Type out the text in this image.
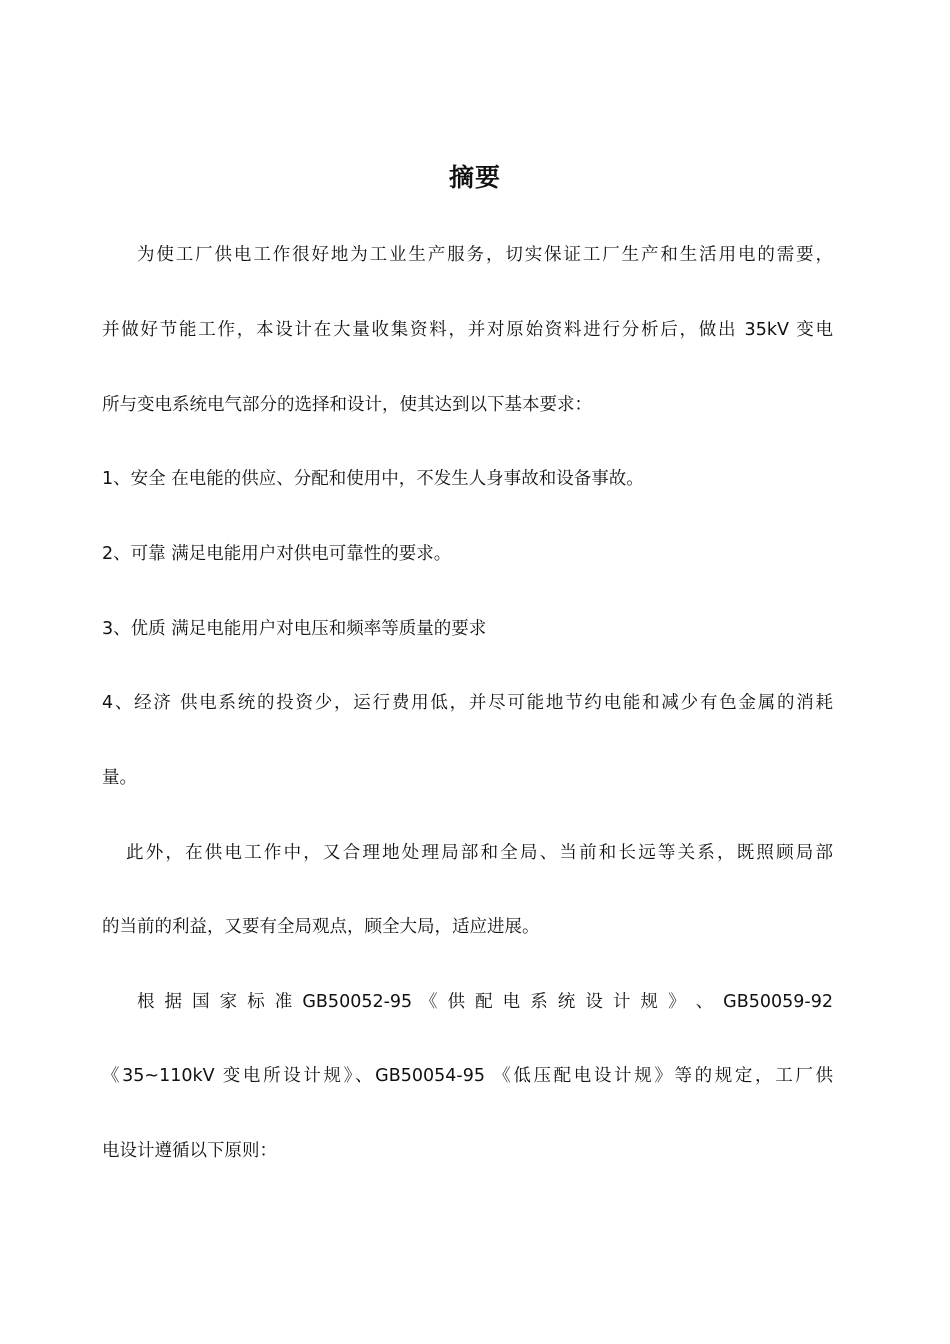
摘要
为使工厂供电工作很好地为工业生产服务，切实保证工厂生产和生活用电的需要，
并做好节能工作，本设计在大量收集资料，并对原始资料进行分析后，做出 35kV 变电
所与变电系统电气部分的选择和设计，使其达到以下基本要求：
1、安全 在电能的供应、分配和使用中，不发生人身事故和设备事故。
2、可靠 满足电能用户对供电可靠性的要求。
3、优质 满足电能用户对电压和频率等质量的要求
4、经济 供电系统的投资少，运行费用低，并尽可能地节约电能和减少有色金属的消耗
量。
此外，在供电工作中，又合理地处理局部和全局、当前和长远等关系，既照顾局部
的当前的利益，又要有全局观点，顾全大局，适应进展。
根 据 国 家 标 准 GB50052-95 《 供 配 电 系 统 设 计 规 》 、 GB50059-92
《35~110kV 变电所设计规》、GB50054-95 《低压配电设计规》等的规定，工厂供
电设计遵循以下原则：
